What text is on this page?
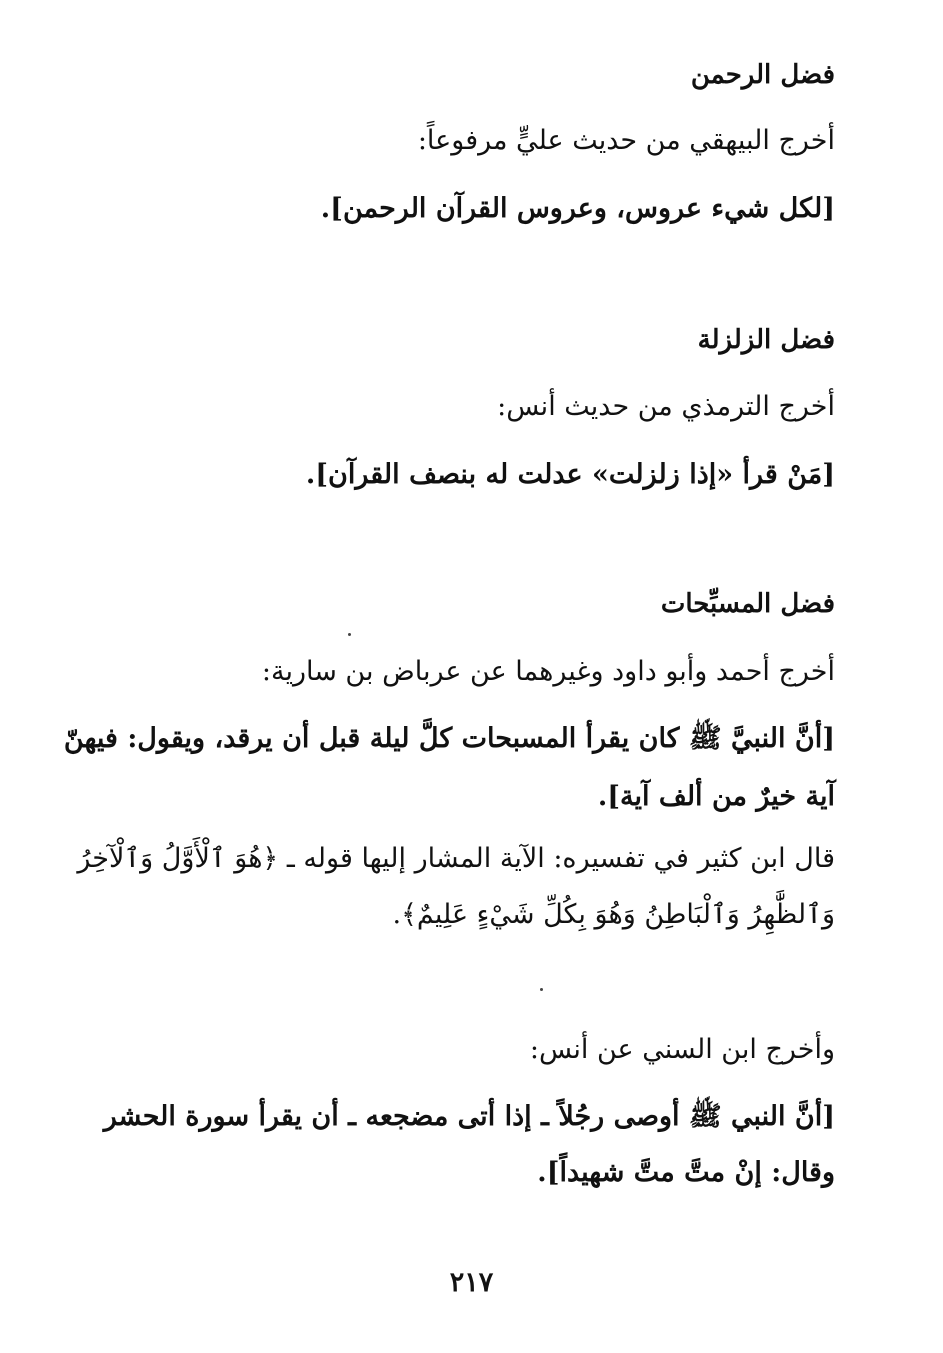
فضل الرحمن
أخرج البيهقي من حديث عليٍّ مرفوعاً:
[لكل شيء عروس، وعروس القرآن الرحمن].
فضل الزلزلة
أخرج الترمذي من حديث أنس:
[مَنْ قرأ «إذا زلزلت» عدلت له بنصف القرآن].
فضل المسبِّحات
أخرج أحمد وأبو داود وغيرهما عن عرباض بن سارية:
[أنَّ النبيَّ ﷺ كان يقرأ المسبحات كلَّ ليلة قبل أن يرقد، ويقول: فيهنّ
آية خيرٌ من ألف آية].
قال ابن كثير في تفسيره: الآية المشار إليها قوله ـ ﴿هُوَ ٱلْأَوَّلُ وَٱلْآخِرُ
وَٱلظَّٰهِرُ وَٱلْبَاطِنُ وَهُوَ بِكُلِّ شَيْءٍ عَلِيمٌ﴾.
وأخرج ابن السني عن أنس:
[أنَّ النبي ﷺ أوصى رجُلاً ـ إذا أتى مضجعه ـ أن يقرأ سورة الحشر
وقال: إنْ متَّ متَّ شهيداً].
٢١٧
